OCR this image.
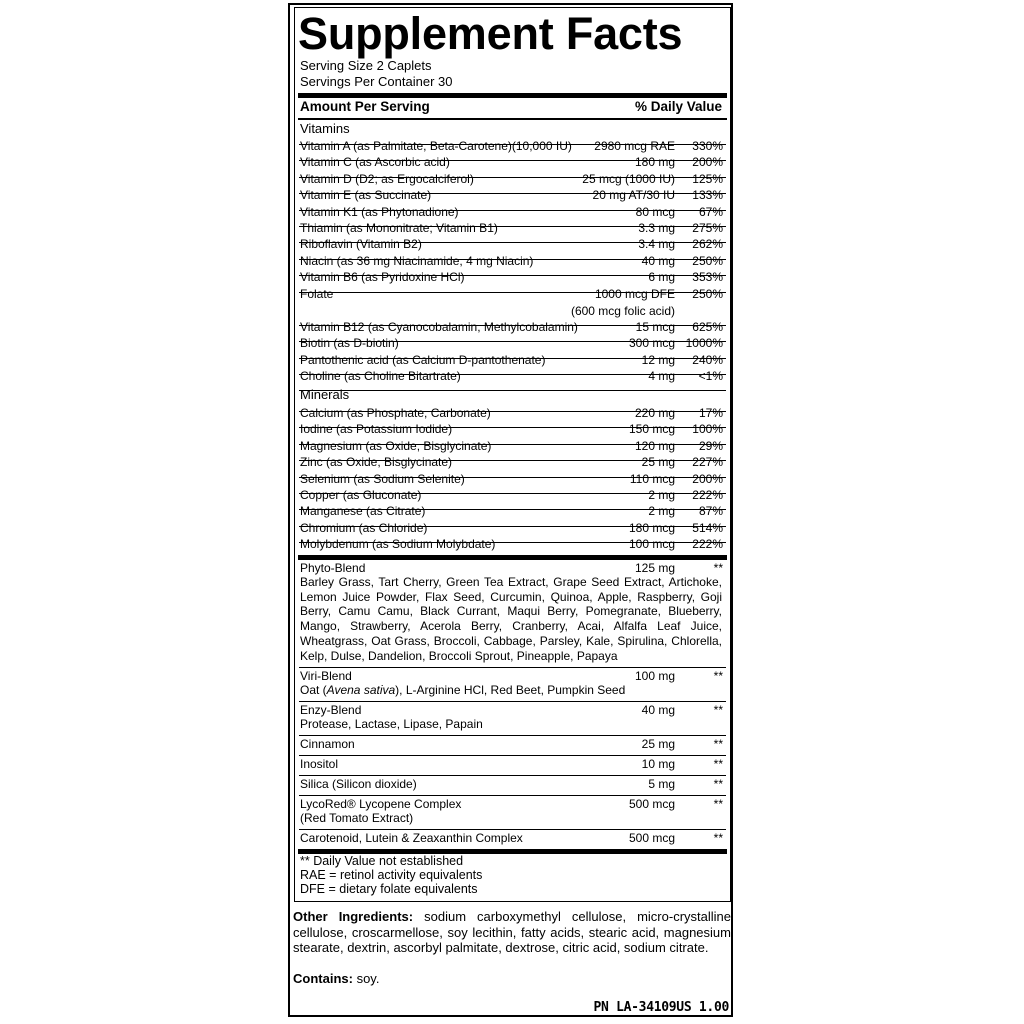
Supplement Facts
Serving Size 2 Caplets
Servings Per Container 30
Amount Per Serving	% Daily Value
Vitamins
Vitamin A (as Palmitate, Beta-Carotene)(10,000 IU) 2980 mcg RAE 330%
Vitamin C (as Ascorbic acid)	180 mg 200%
Vitamin D (D2; as Ergocalciferol)	25 mcg (1000 IU) 125%
Vitamin E (as Succinate)	20 mg AT/30 IU 133%
Vitamin K1 (as Phytonadione)	80 mcg 67%
Thiamin (as Mononitrate; Vitamin B1)	3.3 mg 275%
Riboflavin (Vitamin B2)	3.4 mg 262%
Niacin (as 36 mg Niacinamide, 4 mg Niacin)	40 mg 250%
Vitamin B6 (as Pyridoxine HCl)	6 mg 353%
Folate	1000 mcg DFE 250%
(600 mcg folic acid)
Vitamin B12 (as Cyanocobalamin, Methylcobalamin)	15 mcg 625%
Biotin (as D-biotin)	300 mcg 1000%
Pantothenic acid (as Calcium D-pantothenate)	12 mg 240%
Choline (as Choline Bitartrate)	4 mg <1%
Minerals
Calcium (as Phosphate, Carbonate)	220 mg 17%
Iodine (as Potassium Iodide)	150 mcg 100%
Magnesium (as Oxide, Bisglycinate)	120 mg 29%
Zinc (as Oxide, Bisglycinate)	25 mg 227%
Selenium (as Sodium Selenite)	110 mcg 200%
Copper (as Gluconate)	2 mg 222%
Manganese (as Citrate)	2 mg 87%
Chromium (as Chloride)	180 mcg 514%
Molybdenum (as Sodium Molybdate)	100 mcg 222%
Phyto-Blend	125 mg	**
Barley Grass, Tart Cherry, Green Tea Extract, Grape Seed Extract, Artichoke, Lemon Juice Powder, Flax Seed, Curcumin, Quinoa, Apple, Raspberry, Goji Berry, Camu Camu, Black Currant, Maqui Berry, Pomegranate, Blueberry, Mango, Strawberry, Acerola Berry, Cranberry, Acai, Alfalfa Leaf Juice, Wheatgrass, Oat Grass, Broccoli, Cabbage, Parsley, Kale, Spirulina, Chlorella, Kelp, Dulse, Dandelion, Broccoli Sprout, Pineapple, Papaya
Viri-Blend	100 mg	**
Oat (Avena sativa), L-Arginine HCl, Red Beet, Pumpkin Seed
Enzy-Blend	40 mg	**
Protease, Lactase, Lipase, Papain
Cinnamon	25 mg	**
Inositol	10 mg	**
Silica (Silicon dioxide)	5 mg	**
LycoRed® Lycopene Complex	500 mcg	**
(Red Tomato Extract)
Carotenoid, Lutein & Zeaxanthin Complex	500 mcg	**
** Daily Value not established
RAE = retinol activity equivalents
DFE = dietary folate equivalents
Other Ingredients: sodium carboxymethyl cellulose, micro-crystalline cellulose, croscarmellose, soy lecithin, fatty acids, stearic acid, magnesium stearate, dextrin, ascorbyl palmitate, dextrose, citric acid, sodium citrate.
Contains: soy.
PN LA-34109US 1.00
